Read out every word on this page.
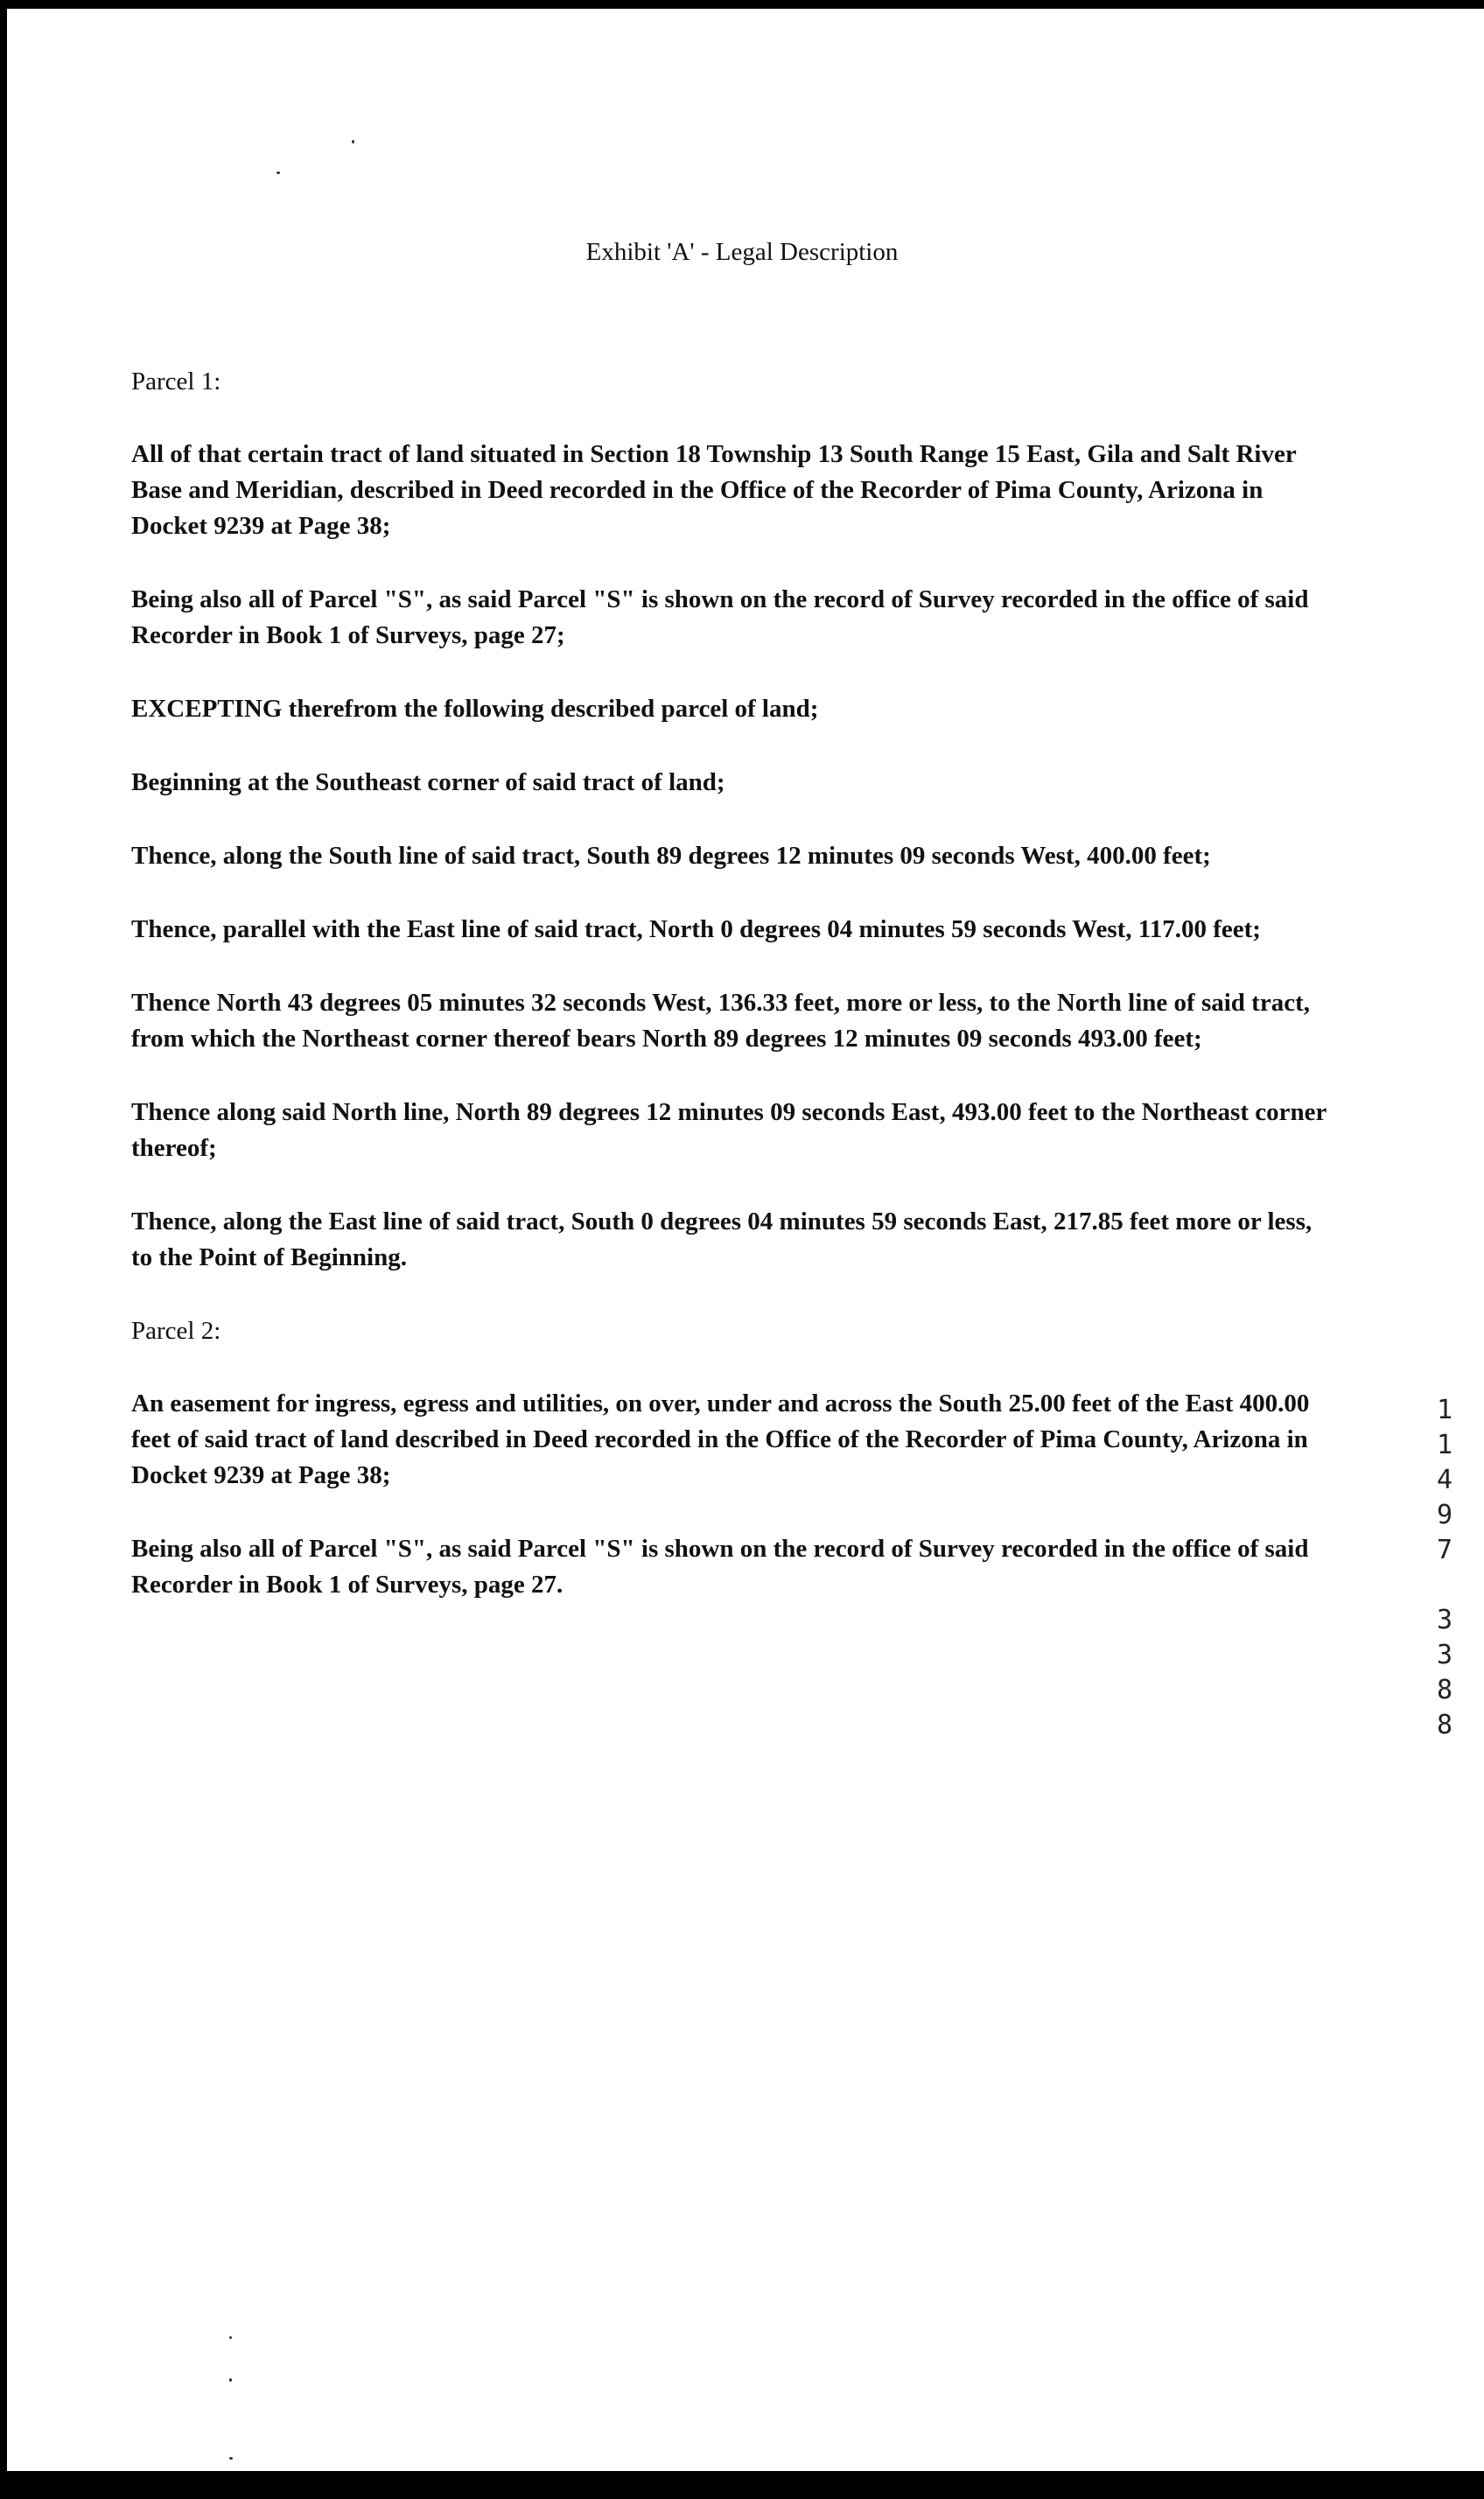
Exhibit 'A' - Legal Description

Parcel 1:

All of that certain tract of land situated in Section 18 Township 13 South Range 15 East, Gila and Salt River Base and Meridian, described in Deed recorded in the Office of the Recorder of Pima County, Arizona in Docket 9239 at Page 38;

Being also all of Parcel "S", as said Parcel "S" is shown on the record of Survey recorded in the office of said Recorder in Book 1 of Surveys, page 27;

EXCEPTING therefrom the following described parcel of land;

Beginning at the Southeast corner of said tract of land;

Thence, along the South line of said tract, South 89 degrees 12 minutes 09 seconds West, 400.00 feet;

Thence, parallel with the East line of said tract, North 0 degrees 04 minutes 59 seconds West, 117.00 feet;

Thence North 43 degrees 05 minutes 32 seconds West, 136.33 feet, more or less, to the North line of said tract, from which the Northeast corner thereof bears North 89 degrees 12 minutes 09 seconds 493.00 feet;

Thence along said North line, North 89 degrees 12 minutes 09 seconds East, 493.00 feet to the Northeast corner thereof;

Thence, along the East line of said tract, South 0 degrees 04 minutes 59 seconds East, 217.85 feet more or less, to the Point of Beginning.

Parcel 2:

An easement for ingress, egress and utilities, on over, under and across the South 25.00 feet of the East 400.00 feet of said tract of land described in Deed recorded in the Office of the Recorder of Pima County, Arizona in Docket 9239 at Page 38;

Being also all of Parcel "S", as said Parcel "S" is shown on the record of Survey recorded in the office of said Recorder in Book 1 of Surveys, page 27.

1
1
4
9
7

3
3
8
8
